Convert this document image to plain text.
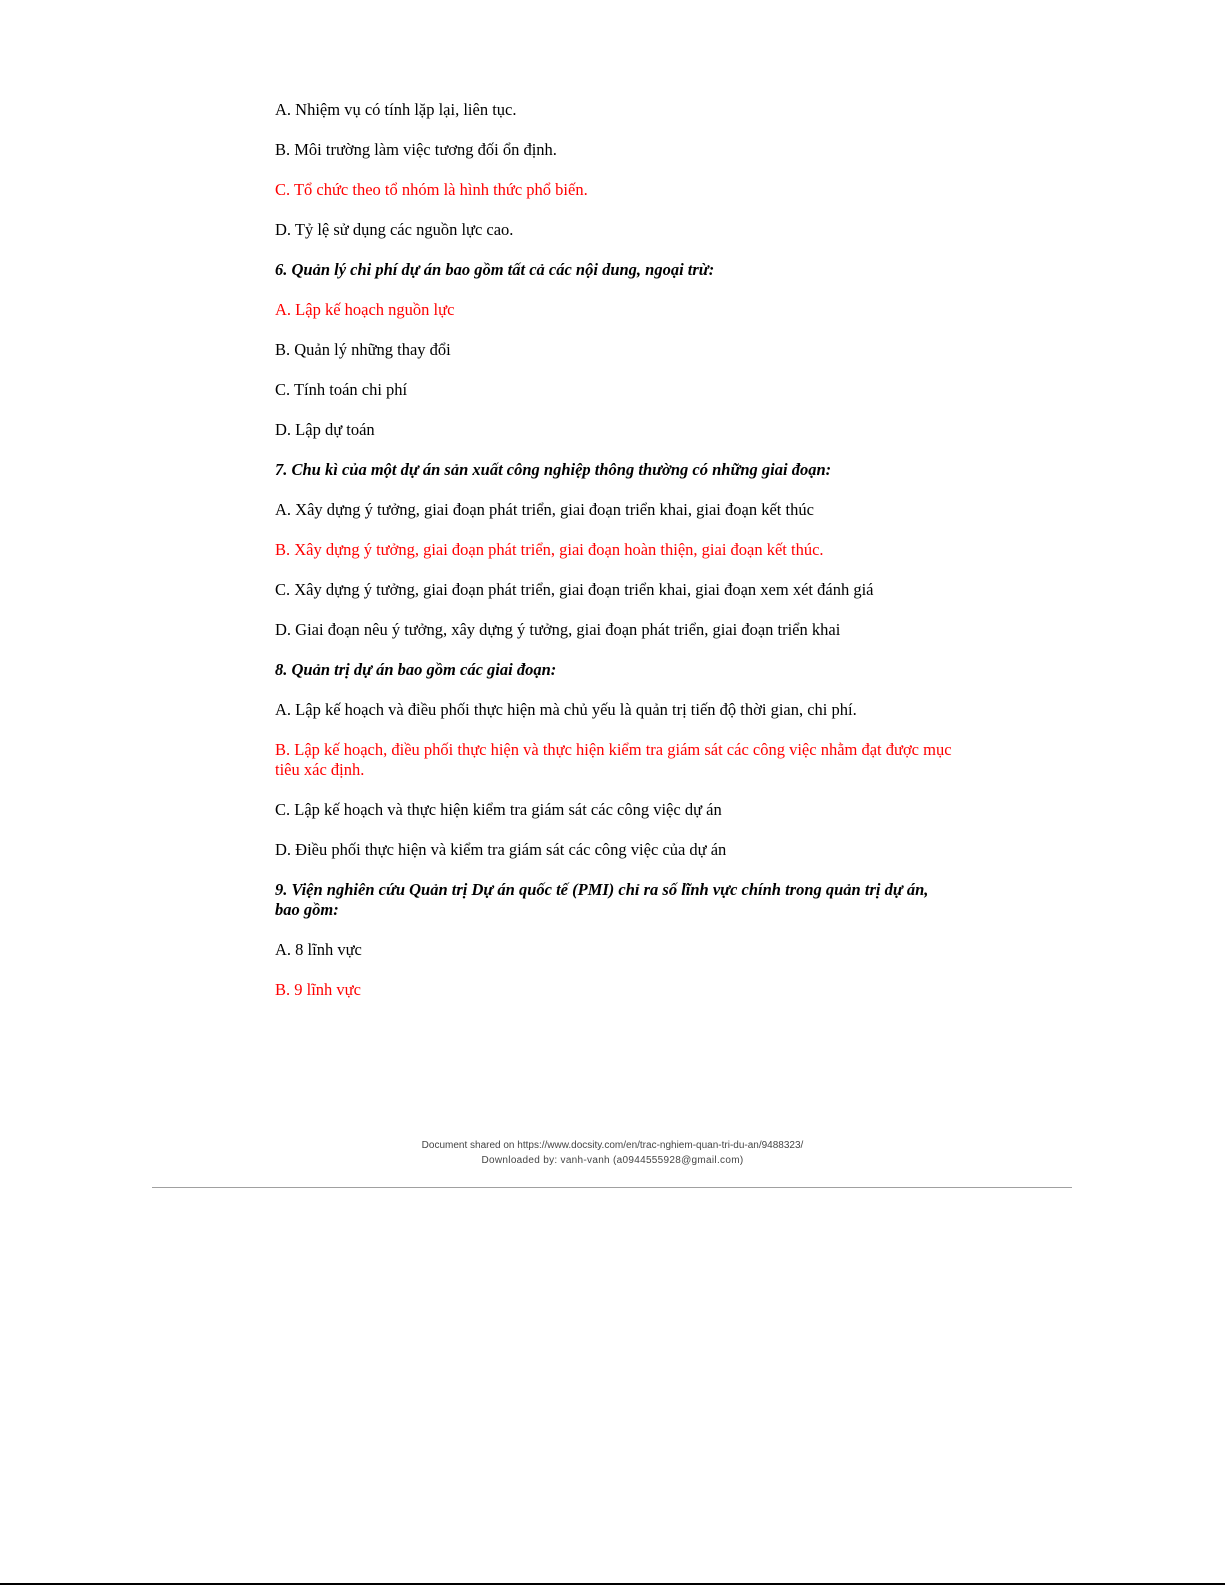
A. Nhiệm vụ có tính lặp lại, liên tục.

B. Môi trường làm việc tương đối ổn định.

C. Tổ chức theo tổ nhóm là hình thức phổ biến.

D. Tỷ lệ sử dụng các nguồn lực cao.

6. Quản lý chi phí dự án bao gồm tất cả các nội dung, ngoại trừ:

A. Lập kế hoạch nguồn lực

B. Quản lý những thay đổi

C. Tính toán chi phí

D. Lập dự toán

7. Chu kì của một dự án sản xuất công nghiệp thông thường có những giai đoạn:

A. Xây dựng ý tưởng, giai đoạn phát triển, giai đoạn triển khai, giai đoạn kết thúc

B. Xây dựng ý tưởng, giai đoạn phát triển, giai đoạn hoàn thiện, giai đoạn kết thúc.

C. Xây dựng ý tưởng, giai đoạn phát triển, giai đoạn triển khai, giai đoạn xem xét đánh giá

D. Giai đoạn nêu ý tưởng, xây dựng ý tưởng, giai đoạn phát triển, giai đoạn triển khai

8. Quản trị dự án bao gồm các giai đoạn:

A. Lập kế hoạch và điều phối thực hiện mà chủ yếu là quản trị tiến độ thời gian, chi phí.

B. Lập kế hoạch, điều phối thực hiện và thực hiện kiểm tra giám sát các công việc nhằm đạt được mục tiêu xác định.

C. Lập kế hoạch và thực hiện kiểm tra giám sát các công việc dự án

D. Điều phối thực hiện và kiểm tra giám sát các công việc của dự án

9. Viện nghiên cứu Quản trị Dự án quốc tế (PMI) chỉ ra số lĩnh vực chính trong quản trị dự án, bao gồm:

A. 8 lĩnh vực

B. 9 lĩnh vực

Document shared on https://www.docsity.com/en/trac-nghiem-quan-tri-du-an/9488323/
Downloaded by: vanh-vanh (a0944555928@gmail.com)
